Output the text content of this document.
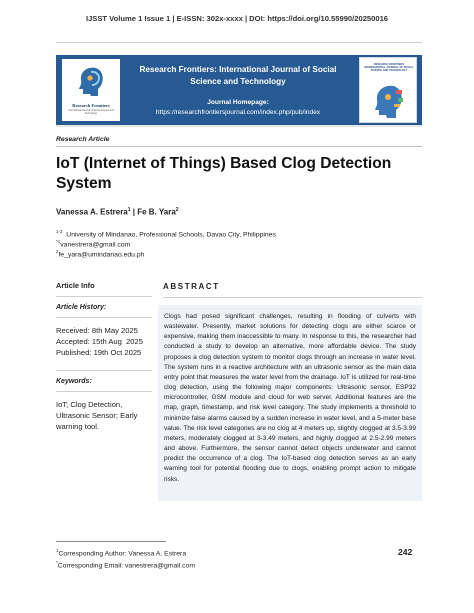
IJSST Volume 1 Issue 1 | E-ISSN: 302x-xxxx | DOI: https://doi.org/10.55990/20250016
Research Frontiers
International Journal of Social Science and Technology
Research Frontiers: International Journal of Social Science and Technology
Journal Homepage:
https://researchfrontiersjournal.com/index.php/pub/index
RESEARCH FRONTIERS INTERNATIONAL JOURNAL OF SOCIAL SCIENCE AND TECHNOLOGY
Research Article
IoT (Internet of Things) Based Clog Detection System
Vanessa A. Estrera$^1$ | Fe B. Yara$^2$
$^{1-2}$ University of Mindanao, Professional Schools, Davao City, Philippines
$^{*1}$vanestrera@gmail.com
$^2$fe_yara@umindanao.edu.ph
Article Info
Article History:
Received: 8th May 2025
Accepted: 15th Aug  2025
Published: 19th Oct 2025
Keywords:
IoT; Clog Detection, Ultrasonic Sensor; Early warning tool.
ABSTRACT
Clogs had posed significant challenges, resulting in flooding of culverts with wastewater. Presently, market solutions for detecting clogs are either scarce or expensive, making them inaccessible to many. In response to this, the researcher had conducted a study to develop an alternative, more affordable device. The study proposes a clog detection system to monitor clogs through an increase in water level. The system runs in a reactive architecture with an ultrasonic sensor as the main data entry point that measures the water level from the drainage. IoT is utilized for real-time clog detection, using the following major components: Ultrasonic sensor, ESP32 microcontroller, GSM module and cloud for web server. Additional features are the map, graph, timestamp, and risk level category. The study implements a threshold to minimize false alarms caused by a sudden increase in water level, and a 5-meter base value. The risk level categories are no clog at 4 meters up, slightly clogged at 3.5-3.99 meters, moderately clogged at 3-3.49 meters, and highly clogged at 2.5-2.99 meters and above. Furthermore, the sensor cannot detect objects underwater and cannot predict the occurrence of a clog. The IoT-based clog detection serves as an early warning tool for potential flooding due to clogs, enabling prompt action to mitigate risks.
$^1$Corresponding Author: Vanessa A. Estrera
*Corresponding Email: vanestrera@gmail.com
242
